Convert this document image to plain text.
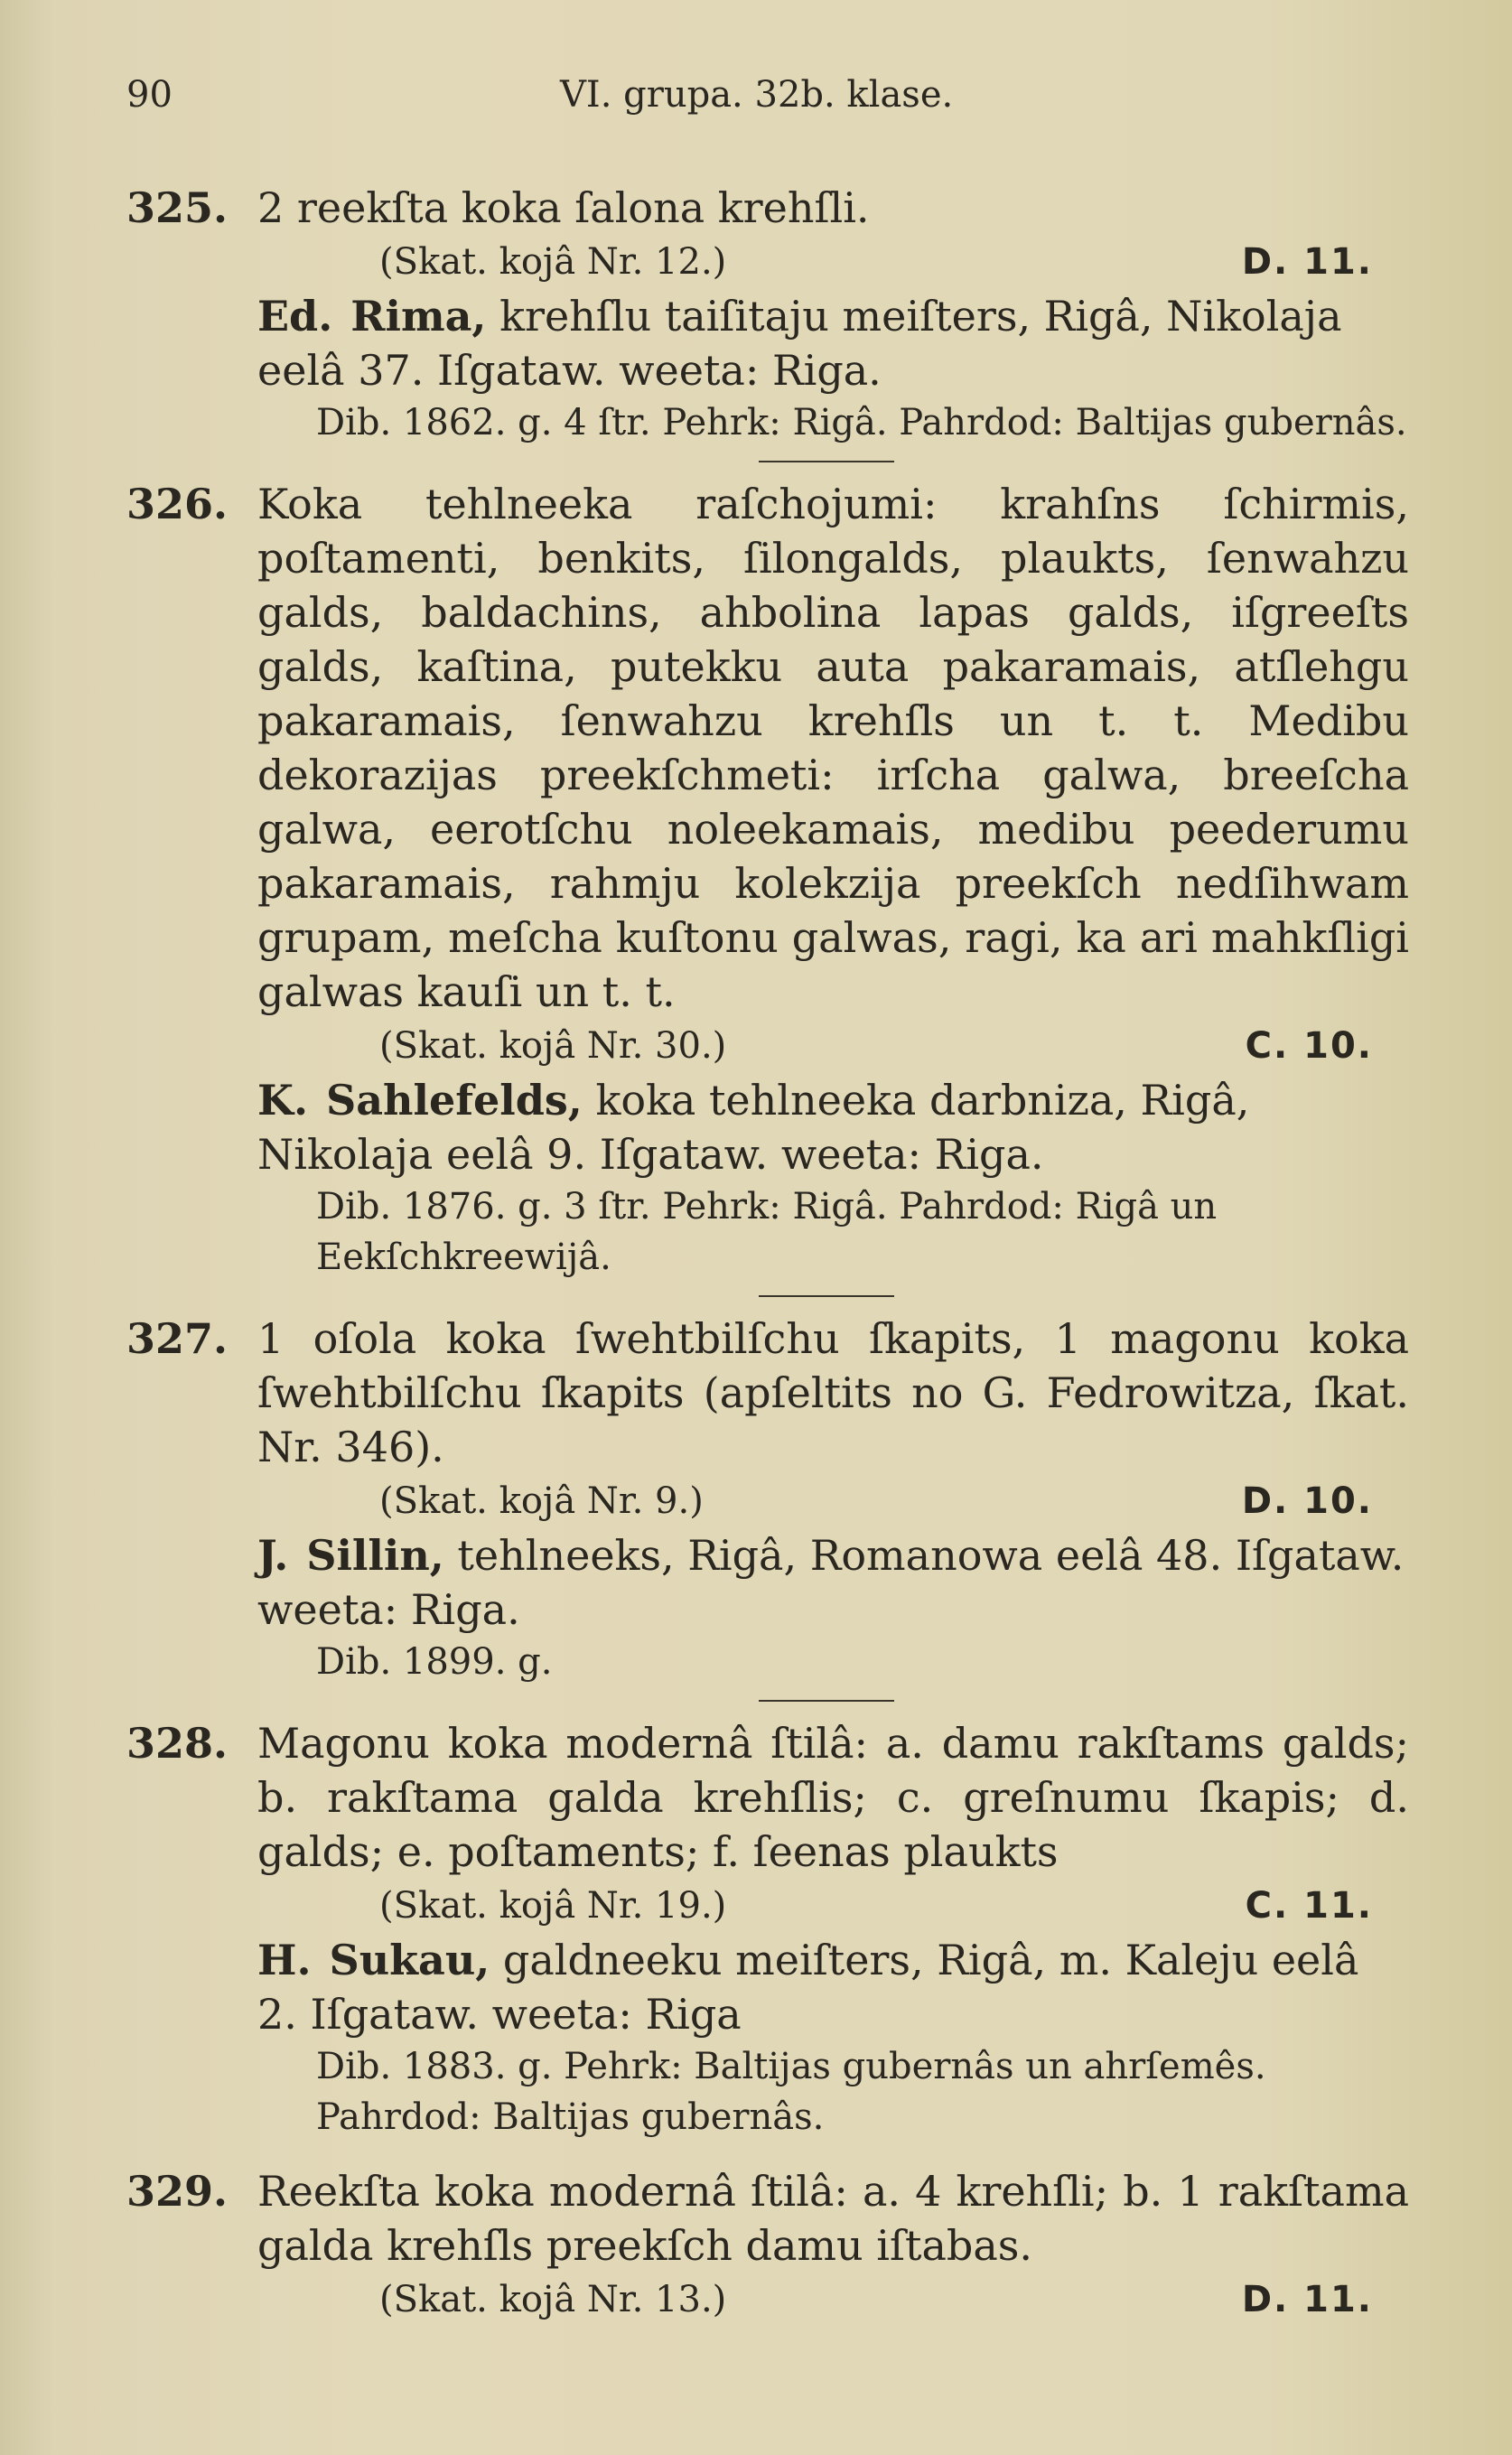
90	VI. grupa. 32b. klase.
325. 2 reekſta koka ſalona krehſli.
(Skat. kojâ Nr. 12.)	D. 11.
Ed. Rima, krehſlu taiſitaju meiſters, Rigâ, Nikolaja eelâ 37. Iſgataw. weeta: Riga.
Dib. 1862. g. 4 ſtr. Pehrk: Rigâ. Pahrdod: Baltijas gubernâs.
326. Koka tehlneeka raſchojumi: krahſns ſchirmis, poſtamenti, benkits, ſilongalds, plaukts, ſenwahzu galds, baldachins, ahbolina lapas galds, iſgreeſts galds, kaſtina, putekku auta pakaramais, atſlehgu pakaramais, ſenwahzu krehſls un t. t. Medibu dekorazijas preekſchmeti: irſcha galwa, breeſcha galwa, eerotſchu noleekamais, medibu peederumu pakaramais, rahmju kolekzija preekſch nedſihwam grupam, meſcha kuſtonu galwas, ragi, ka ari mahkſligi galwas kauſi un t. t.
(Skat. kojâ Nr. 30.)	C. 10.
K. Sahlefelds, koka tehlneeka darbniza, Rigâ, Nikolaja eelâ 9. Iſgataw. weeta: Riga.
Dib. 1876. g. 3 ſtr. Pehrk: Rigâ. Pahrdod: Rigâ un Eekſchkreewijâ.
327. 1 oſola koka ſwehtbilſchu ſkapits, 1 magonu koka ſwehtbilſchu ſkapits (apſeltits no G. Fedrowitza, ſkat. Nr. 346).
(Skat. kojâ Nr. 9.)	D. 10.
J. Sillin, tehlneeks, Rigâ, Romanowa eelâ 48. Iſgataw. weeta: Riga.
Dib. 1899. g.
328. Magonu koka modernâ ſtilâ: a. damu rakſtams galds; b. rakſtama galda krehſlis; c. greſnumu ſkapis; d. galds; e. poſtaments; f. ſeenas plaukts
(Skat. kojâ Nr. 19.)	C. 11.
H. Sukau, galdneeku meiſters, Rigâ, m. Kaleju eelâ 2. Iſgataw. weeta: Riga
Dib. 1883. g. Pehrk: Baltijas gubernâs un ahrſemês. Pahrdod: Baltijas gubernâs.
329. Reekſta koka modernâ ſtilâ: a. 4 krehſli; b. 1 rakſtama galda krehſls preekſch damu iſtabas.
(Skat. kojâ Nr. 13.)	D. 11.
